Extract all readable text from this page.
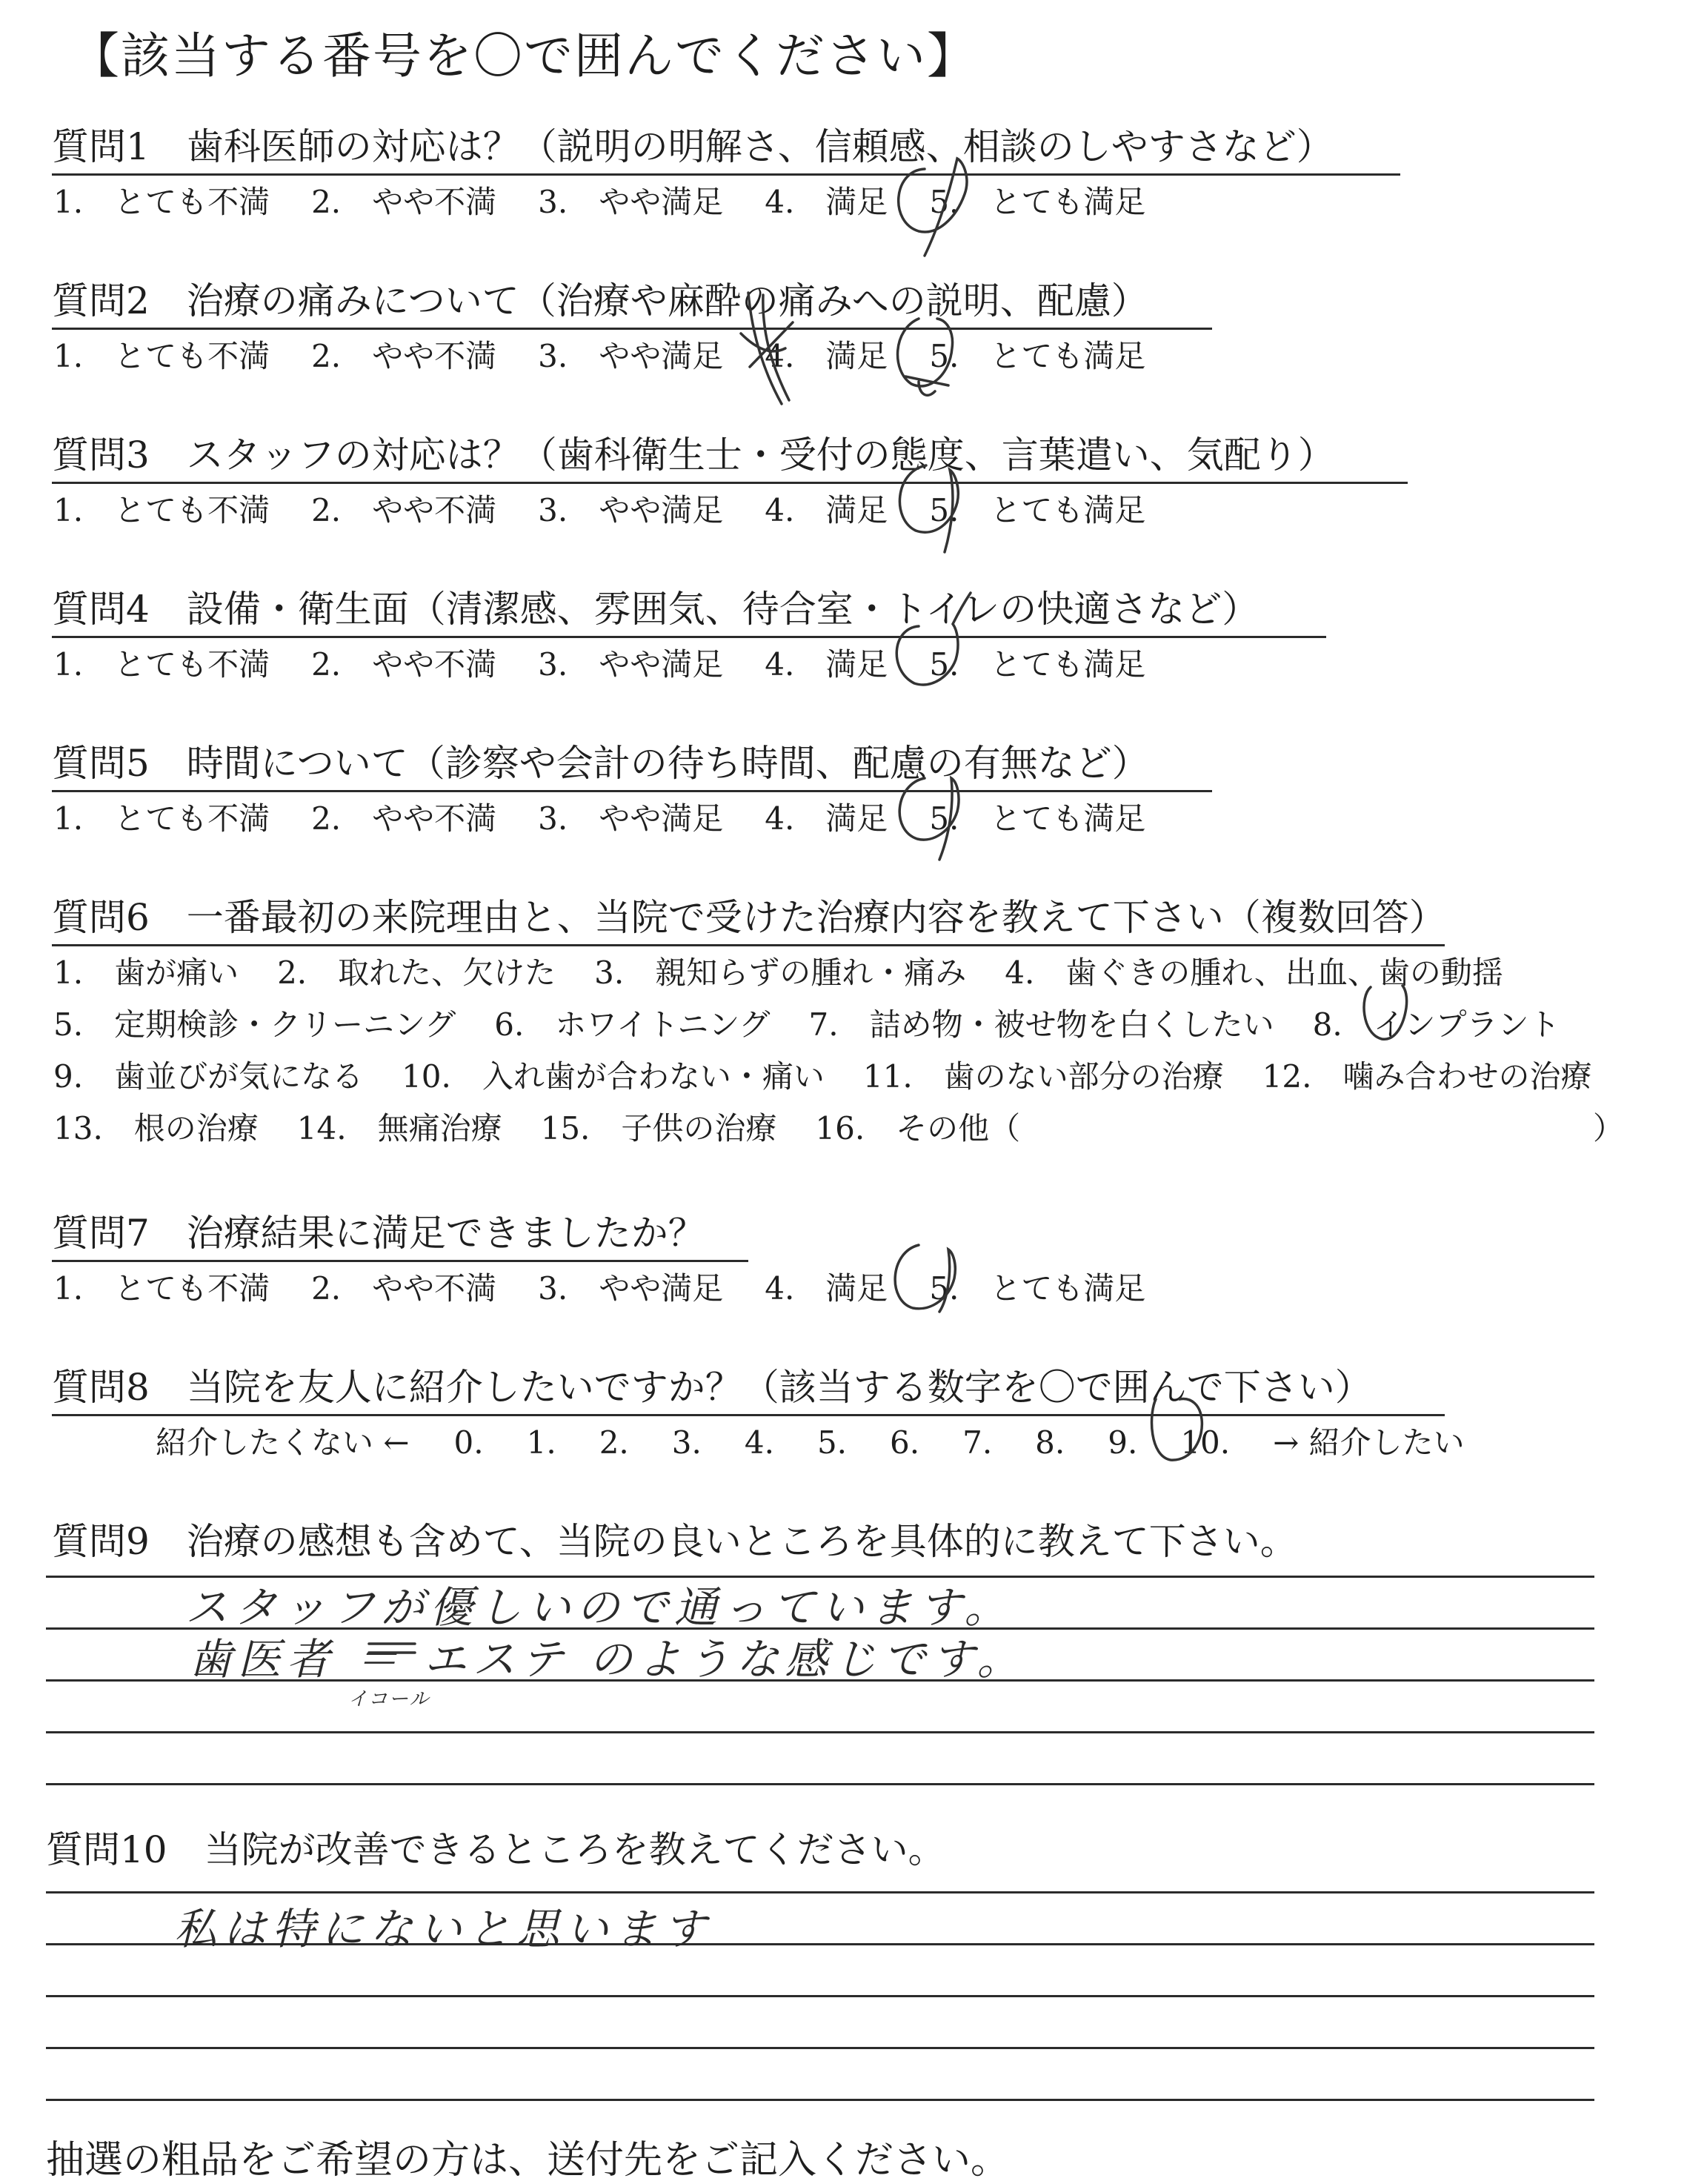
【該当する番号を〇で囲んでください】
質問1　歯科医師の対応は？（説明の明解さ、信頼感、相談のしやすさなど）
1.　とても不満 2.　やや不満 3.　やや満足 4.　満足 5.　とても満足
質問2　治療の痛みについて（治療や麻酔の痛みへの説明、配慮）
1.　とても不満 2.　やや不満 3.　やや満足 4.　満足 5.　とても満足
質問3　スタッフの対応は？（歯科衛生士・受付の態度、言葉遣い、気配り）
1.　とても不満 2.　やや不満 3.　やや満足 4.　満足 5.　とても満足
質問4　設備・衛生面（清潔感、雰囲気、待合室・トイレの快適さなど）
1.　とても不満 2.　やや不満 3.　やや満足 4.　満足 5.　とても満足
質問5　時間について（診察や会計の待ち時間、配慮の有無など）
1.　とても不満 2.　やや不満 3.　やや満足 4.　満足 5.　とても満足
質問6　一番最初の来院理由と、当院で受けた治療内容を教えて下さい（複数回答）
1.　歯が痛い 2.　取れた、欠けた 3.　親知らずの腫れ・痛み 4.　歯ぐきの腫れ、出血、歯の動揺
5.　定期検診・クリーニング 6.　ホワイトニング 7.　詰め物・被せ物を白くしたい 8.　インプラント
9.　歯並びが気になる 10.　入れ歯が合わない・痛い 11.　歯のない部分の治療 12.　噛み合わせの治療
13.　根の治療 14.　無痛治療 15.　子供の治療 16.　その他（	）
質問7　治療結果に満足できましたか？
1.　とても不満 2.　やや不満 3.　やや満足 4.　満足 5.　とても満足
質問8　当院を友人に紹介したいですか？（該当する数字を〇で囲んで下さい）
紹介したくない ← 0. 1. 2. 3. 4. 5. 6. 7. 8. 9. 10. → 紹介したい
質問9　治療の感想も含めて、当院の良いところを具体的に教えて下さい。
スタッフが優しいので通っています。
歯医者 ＝ エステ のような感じです。
イコール
質問10　当院が改善できるところを教えてください。
私は特にないと思います
抽選の粗品をご希望の方は、送付先をご記入ください。
